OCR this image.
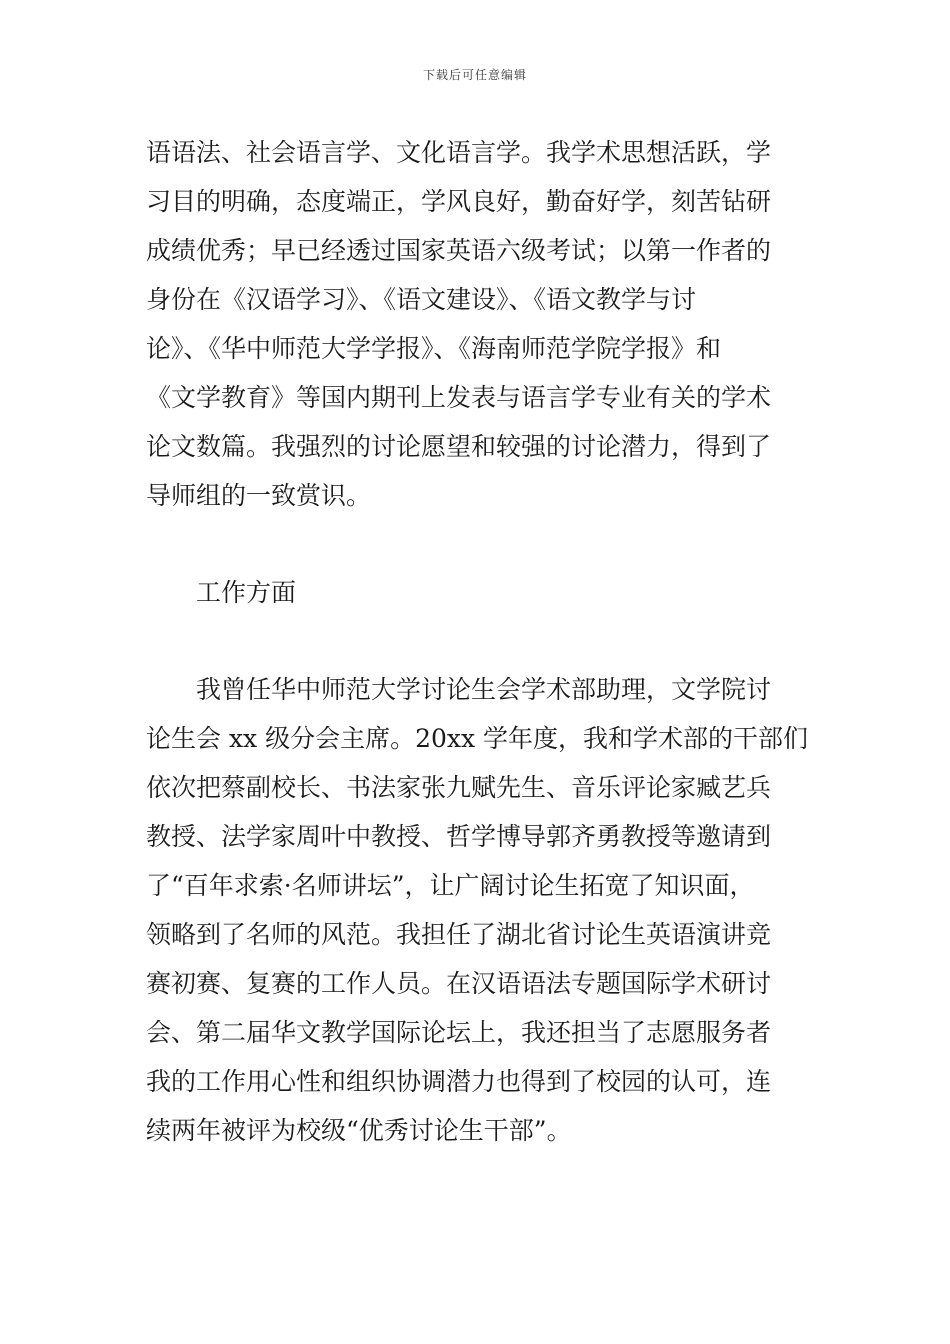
下载后可任意编辑
语语法、社会语言学、文化语言学。我学术思想活跃，学
习目的明确，态度端正，学风良好，勤奋好学，刻苦钻研
成绩优秀；早已经透过国家英语六级考试；以第一作者的
身份在《汉语学习》、《语文建设》、《语文教学与讨
论》、《华中师范大学学报》、《海南师范学院学报》和
《文学教育》等国内期刊上发表与语言学专业有关的学术
论文数篇。我强烈的讨论愿望和较强的讨论潜力，得到了
导师组的一致赏识。
工作方面
我曾任华中师范大学讨论生会学术部助理，文学院讨
论生会 xx 级分会主席。20xx 学年度，我和学术部的干部们
依次把蔡副校长、书法家张九赋先生、音乐评论家臧艺兵
教授、法学家周叶中教授、哲学博导郭齐勇教授等邀请到
了“百年求索·名师讲坛”，让广阔讨论生拓宽了知识面，
领略到了名师的风范。我担任了湖北省讨论生英语演讲竞
赛初赛、复赛的工作人员。在汉语语法专题国际学术研讨
会、第二届华文教学国际论坛上，我还担当了志愿服务者
我的工作用心性和组织协调潜力也得到了校园的认可，连
续两年被评为校级“优秀讨论生干部”。
